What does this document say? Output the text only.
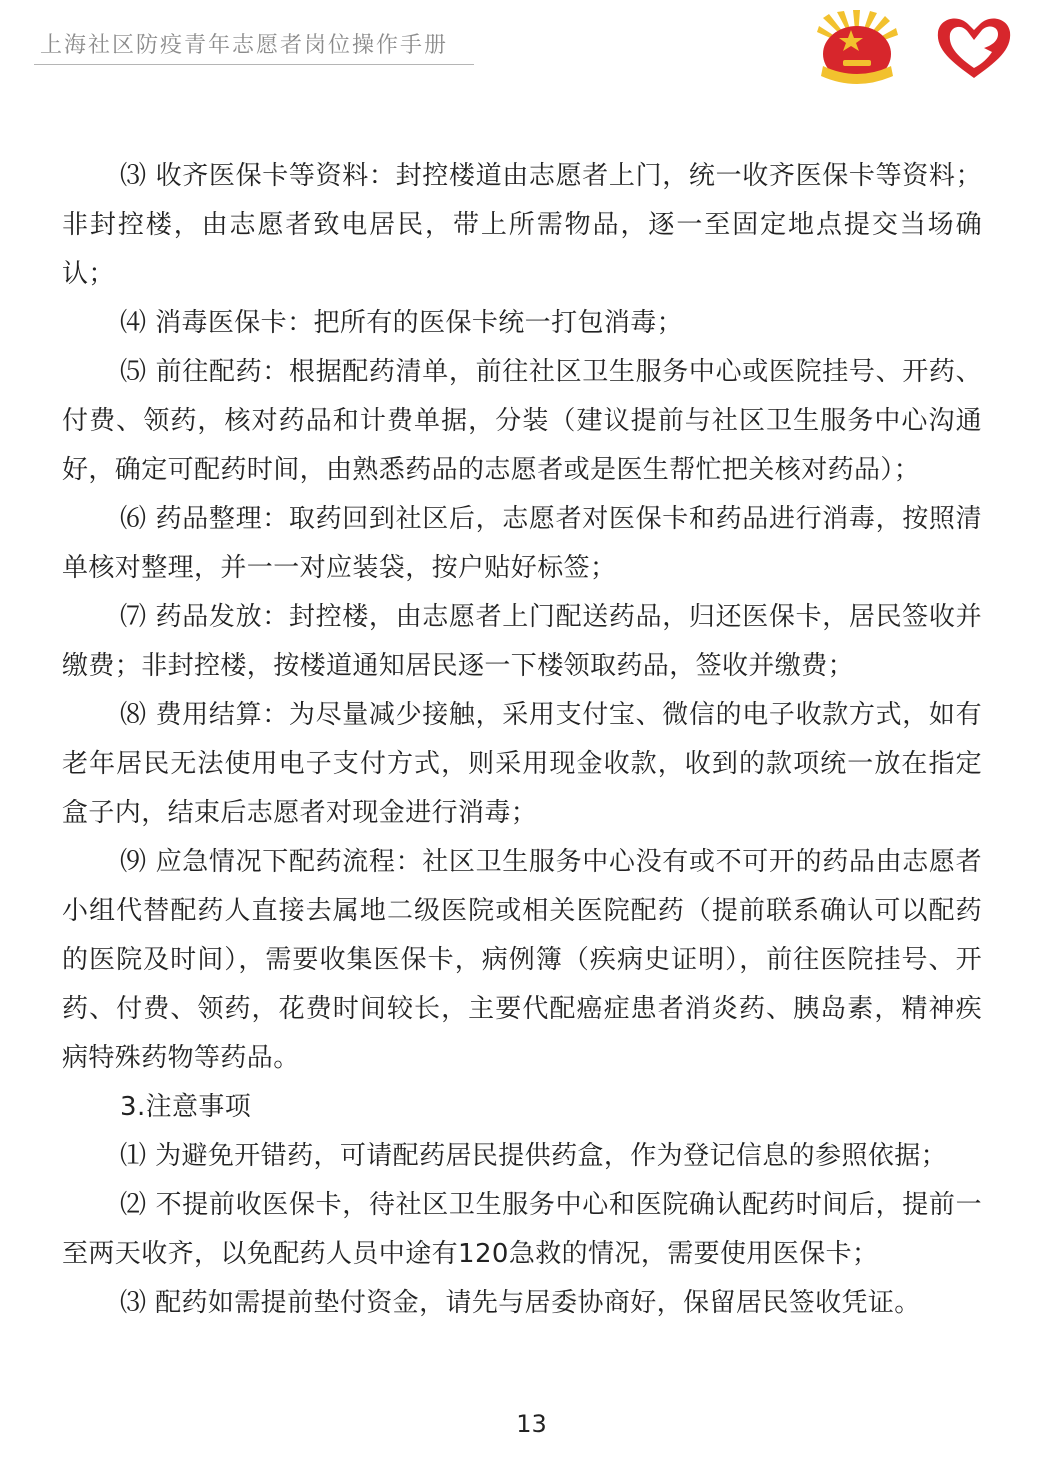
上海社区防疫青年志愿者岗位操作手册

⑶ 收齐医保卡等资料：封控楼道由志愿者上门，统一收齐医保卡等资料；非封控楼，由志愿者致电居民，带上所需物品，逐一至固定地点提交当场确认；

⑷ 消毒医保卡：把所有的医保卡统一打包消毒；

⑸ 前往配药：根据配药清单，前往社区卫生服务中心或医院挂号、开药、付费、领药，核对药品和计费单据，分装（建议提前与社区卫生服务中心沟通好，确定可配药时间，由熟悉药品的志愿者或是医生帮忙把关核对药品）；

⑹ 药品整理：取药回到社区后，志愿者对医保卡和药品进行消毒，按照清单核对整理，并一一对应装袋，按户贴好标签；

⑺ 药品发放：封控楼，由志愿者上门配送药品，归还医保卡，居民签收并缴费；非封控楼，按楼道通知居民逐一下楼领取药品，签收并缴费；

⑻ 费用结算：为尽量减少接触，采用支付宝、微信的电子收款方式，如有老年居民无法使用电子支付方式，则采用现金收款，收到的款项统一放在指定盒子内，结束后志愿者对现金进行消毒；

⑼ 应急情况下配药流程：社区卫生服务中心没有或不可开的药品由志愿者小组代替配药人直接去属地二级医院或相关医院配药（提前联系确认可以配药的医院及时间），需要收集医保卡，病例簿（疾病史证明），前往医院挂号、开药、付费、领药，花费时间较长，主要代配癌症患者消炎药、胰岛素，精神疾病特殊药物等药品。

3.注意事项

⑴ 为避免开错药，可请配药居民提供药盒，作为登记信息的参照依据；

⑵ 不提前收医保卡，待社区卫生服务中心和医院确认配药时间后，提前一至两天收齐，以免配药人员中途有120急救的情况，需要使用医保卡；

⑶ 配药如需提前垫付资金，请先与居委协商好，保留居民签收凭证。

13
